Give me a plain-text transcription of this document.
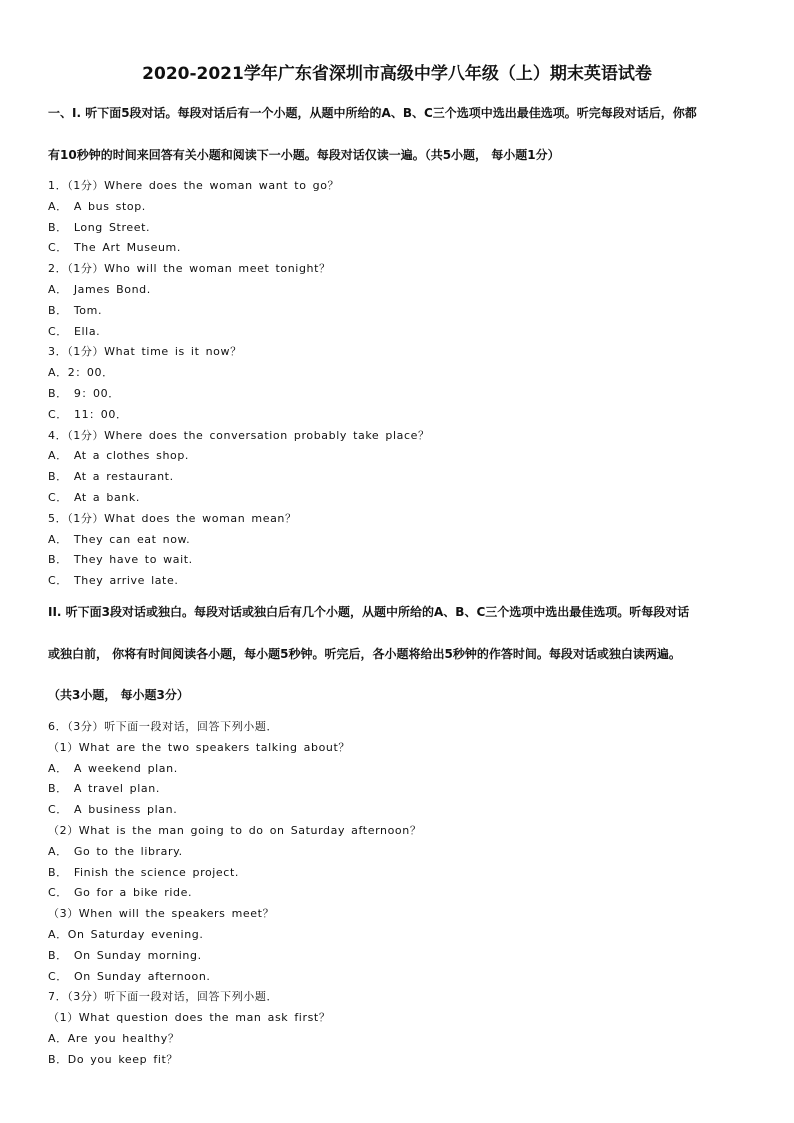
2020-2021学年广东省深圳市高级中学八年级（上）期末英语试卷
一、I. 听下面5段对话。每段对话后有一个小题，从题中所给的A、B、C三个选项中选出最佳选项。听完每段对话后，你都
有10秒钟的时间来回答有关小题和阅读下一小题。每段对话仅读一遍。（共5小题， 每小题1分）
1．（1分）Where does the woman want to go？
A． A bus stop.
B． Long Street.
C． The Art Museum.
2．（1分）Who will the woman meet tonight？
A． James Bond.
B． Tom.
C． Ella.
3．（1分）What time is it now？
A．2：00．
B． 9：00．
C． 11：00．
4．（1分）Where does the conversation probably take place？
A． At a clothes shop.
B． At a restaurant.
C． At a bank.
5．（1分）What does the woman mean？
A． They can eat now.
B． They have to wait.
C． They arrive late.
II. 听下面3段对话或独白。每段对话或独白后有几个小题，从题中所给的A、B、C三个选项中选出最佳选项。听每段对话
或独白前， 你将有时间阅读各小题，每小题5秒钟。听完后，各小题将给出5秒钟的作答时间。每段对话或独白读两遍。
（共3小题， 每小题3分）
6．（3分）听下面一段对话，回答下列小题．
（1）What are the two speakers talking about？
A． A weekend plan.
B． A travel plan.
C． A business plan.
（2）What is the man going to do on Saturday afternoon？
A． Go to the library.
B． Finish the science project.
C． Go for a bike ride.
（3）When will the speakers meet？
A．On Saturday evening.
B． On Sunday morning.
C． On Sunday afternoon.
7．（3分）听下面一段对话，回答下列小题．
（1）What question does the man ask first？
A．Are you healthy？
B．Do you keep fit？
